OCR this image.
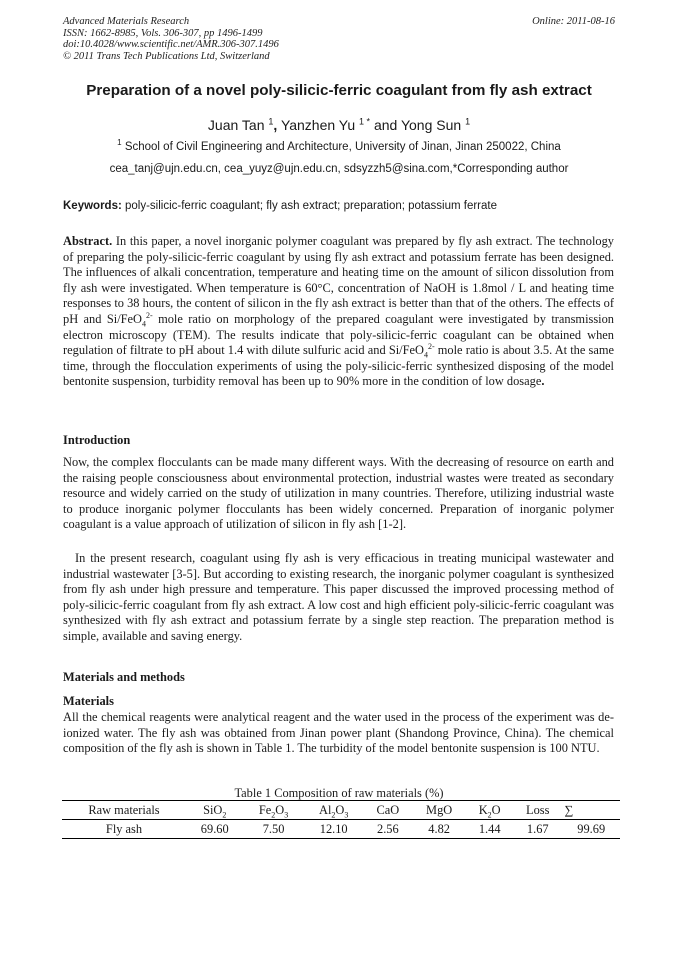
Advanced Materials Research
ISSN: 1662-8985, Vols. 306-307, pp 1496-1499
doi:10.4028/www.scientific.net/AMR.306-307.1496
© 2011 Trans Tech Publications Ltd, Switzerland
Online: 2011-08-16
Preparation of a novel poly-silicic-ferric coagulant from fly ash extract
Juan Tan $^1$, Yanzhen Yu $^{1 *}$ and Yong Sun $^1$
$^1$ School of Civil Engineering and Architecture, University of Jinan, Jinan 250022, China
cea_tanj@ujn.edu.cn, cea_yuyz@ujn.edu.cn, sdsyzzh5@sina.com,*Corresponding author
Keywords: poly-silicic-ferric coagulant; fly ash extract; preparation; potassium ferrate
Abstract. In this paper, a novel inorganic polymer coagulant was prepared by fly ash extract. The technology of preparing the poly-silicic-ferric coagulant by using fly ash extract and potassium ferrate has been designed. The influences of alkali concentration, temperature and heating time on the amount of silicon dissolution from fly ash were investigated. When temperature is 60°C, concentration of NaOH is 1.8mol / L and heating time responses to 38 hours, the content of silicon in the fly ash extract is better than that of the others. The effects of pH and Si/FeO$_4^{2-}$ mole ratio on morphology of the prepared coagulant were investigated by transmission electron microscopy (TEM). The results indicate that poly-silicic-ferric coagulant can be obtained when regulation of filtrate to pH about 1.4 with dilute sulfuric acid and Si/FeO$_4^{2-}$ mole ratio is about 3.5. At the same time, through the flocculation experiments of using the poly-silicic-ferric synthesized disposing of the model bentonite suspension, turbidity removal has been up to 90% more in the condition of low dosage.
Introduction
Now, the complex flocculants can be made many different ways. With the decreasing of resource on earth and the raising people consciousness about environmental protection, industrial wastes were treated as secondary resource and widely carried on the study of utilization in many countries. Therefore, utilizing industrial waste to produce inorganic polymer flocculants has been widely concerned. Preparation of inorganic polymer coagulant is a value approach of utilization of silicon in fly ash [1-2].
In the present research, coagulant using fly ash is very efficacious in treating municipal wastewater and industrial wastewater [3-5]. But according to existing research, the inorganic polymer coagulant is synthesized from fly ash under high pressure and temperature. This paper discussed the improved processing method of poly-silicic-ferric coagulant from fly ash extract. A low cost and high efficient poly-silicic-ferric coagulant was synthesized with fly ash extract and potassium ferrate by a single step reaction. The preparation method is simple, available and saving energy.
Materials and methods
Materials
All the chemical reagents were analytical reagent and the water used in the process of the experiment was de-ionized water. The fly ash was obtained from Jinan power plant (Shandong Province, China). The chemical composition of the fly ash is shown in Table 1. The turbidity of the model bentonite suspension is 100 NTU.
Table 1 Composition of raw materials (%)
Raw materials	SiO$_2$	$Fe_2O_3$	$Al_2O_3$	CaO	MgO	$K_2O$	Loss	∑
Fly ash	69.60	7.50	12.10	2.56	4.82	1.44	1.67	99.69
